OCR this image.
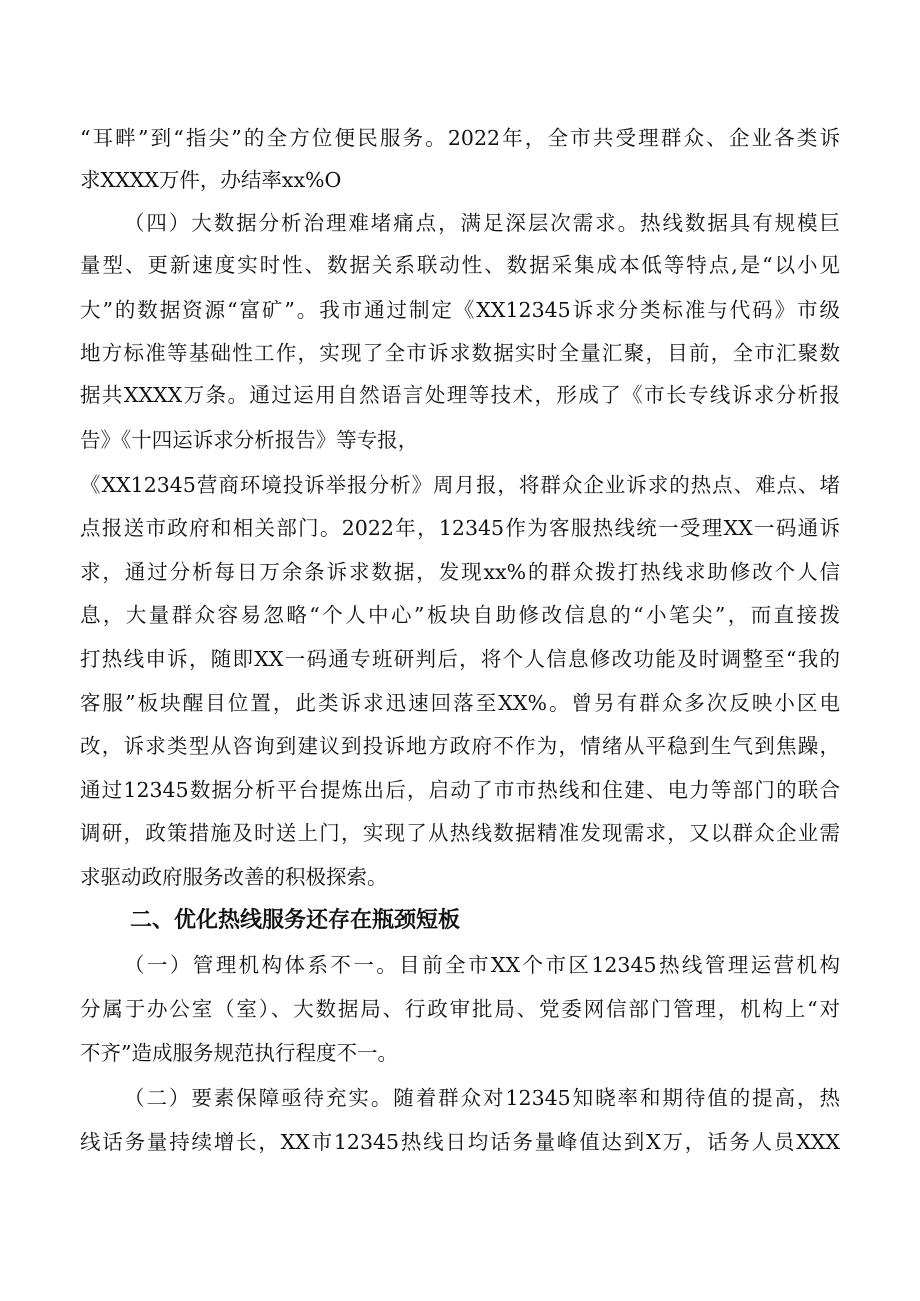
“耳畔”到“指尖”的全方位便民服务。2022年，全市共受理群众、企业各类诉
求XXXX万件，办结率xx%O
（四）大数据分析治理难堵痛点，满足深层次需求。热线数据具有规模巨
量型、更新速度实时性、数据关系联动性、数据采集成本低等特点,是“以小见
大”的数据资源“富矿”。我市通过制定《XX12345诉求分类标准与代码》市级
地方标准等基础性工作，实现了全市诉求数据实时全量汇聚，目前，全市汇聚数
据共XXXX万条。通过运用自然语言处理等技术，形成了《市长专线诉求分析报
告》《十四运诉求分析报告》等专报，
《XX12345营商环境投诉举报分析》周月报，将群众企业诉求的热点、难点、堵
点报送市政府和相关部门。2022年，12345作为客服热线统一受理XX一码通诉
求，通过分析每日万余条诉求数据，发现xx%的群众拨打热线求助修改个人信
息，大量群众容易忽略“个人中心”板块自助修改信息的“小笔尖”，而直接拨
打热线申诉，随即XX一码通专班研判后，将个人信息修改功能及时调整至“我的
客服”板块醒目位置，此类诉求迅速回落至XX%。曾另有群众多次反映小区电
改，诉求类型从咨询到建议到投诉地方政府不作为，情绪从平稳到生气到焦躁，
通过12345数据分析平台提炼出后，启动了市市热线和住建、电力等部门的联合
调研，政策措施及时送上门，实现了从热线数据精准发现需求，又以群众企业需
求驱动政府服务改善的积极探索。
二、优化热线服务还存在瓶颈短板
（一）管理机构体系不一。目前全市XX个市区12345热线管理运营机构
分属于办公室（室）、大数据局、行政审批局、党委网信部门管理，机构上“对
不齐”造成服务规范执行程度不一。
（二）要素保障亟待充实。随着群众对12345知晓率和期待值的提高，热
线话务量持续增长，XX市12345热线日均话务量峰值达到X万，话务人员XXX
